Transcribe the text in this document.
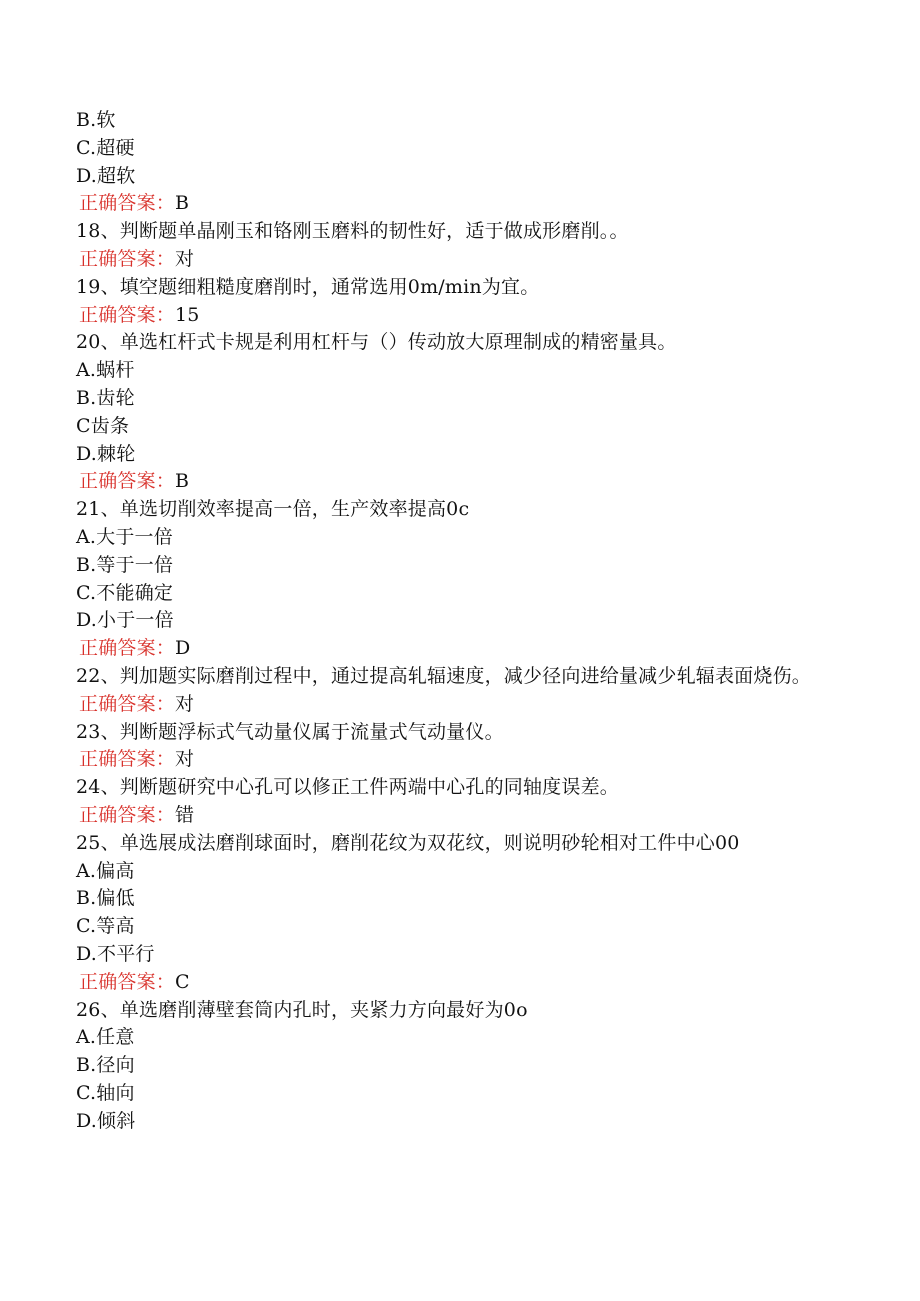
B.软
C.超硬
D.超软
正确答案：B
18、判断题单晶刚玉和铬刚玉磨料的韧性好，适于做成形磨削。。
正确答案：对
19、填空题细粗糙度磨削时，通常选用0m/min为宜。
正确答案：15
20、单选杠杆式卡规是利用杠杆与（）传动放大原理制成的精密量具。
A.蜗杆
B.齿轮
C齿条
D.棘轮
正确答案：B
21、单选切削效率提高一倍，生产效率提高0c
A.大于一倍
B.等于一倍
C.不能确定
D.小于一倍
正确答案：D
22、判加题实际磨削过程中，通过提高轧辐速度，减少径向进给量减少轧辐表面烧伤。
正确答案：对
23、判断题浮标式气动量仪属于流量式气动量仪。
正确答案：对
24、判断题研究中心孔可以修正工件两端中心孔的同轴度误差。
正确答案：错
25、单选展成法磨削球面时，磨削花纹为双花纹，则说明砂轮相对工件中心00
A.偏高
B.偏低
C.等高
D.不平行
正确答案：C
26、单选磨削薄壁套筒内孔时，夹紧力方向最好为0o
A.任意
B.径向
C.轴向
D.倾斜
